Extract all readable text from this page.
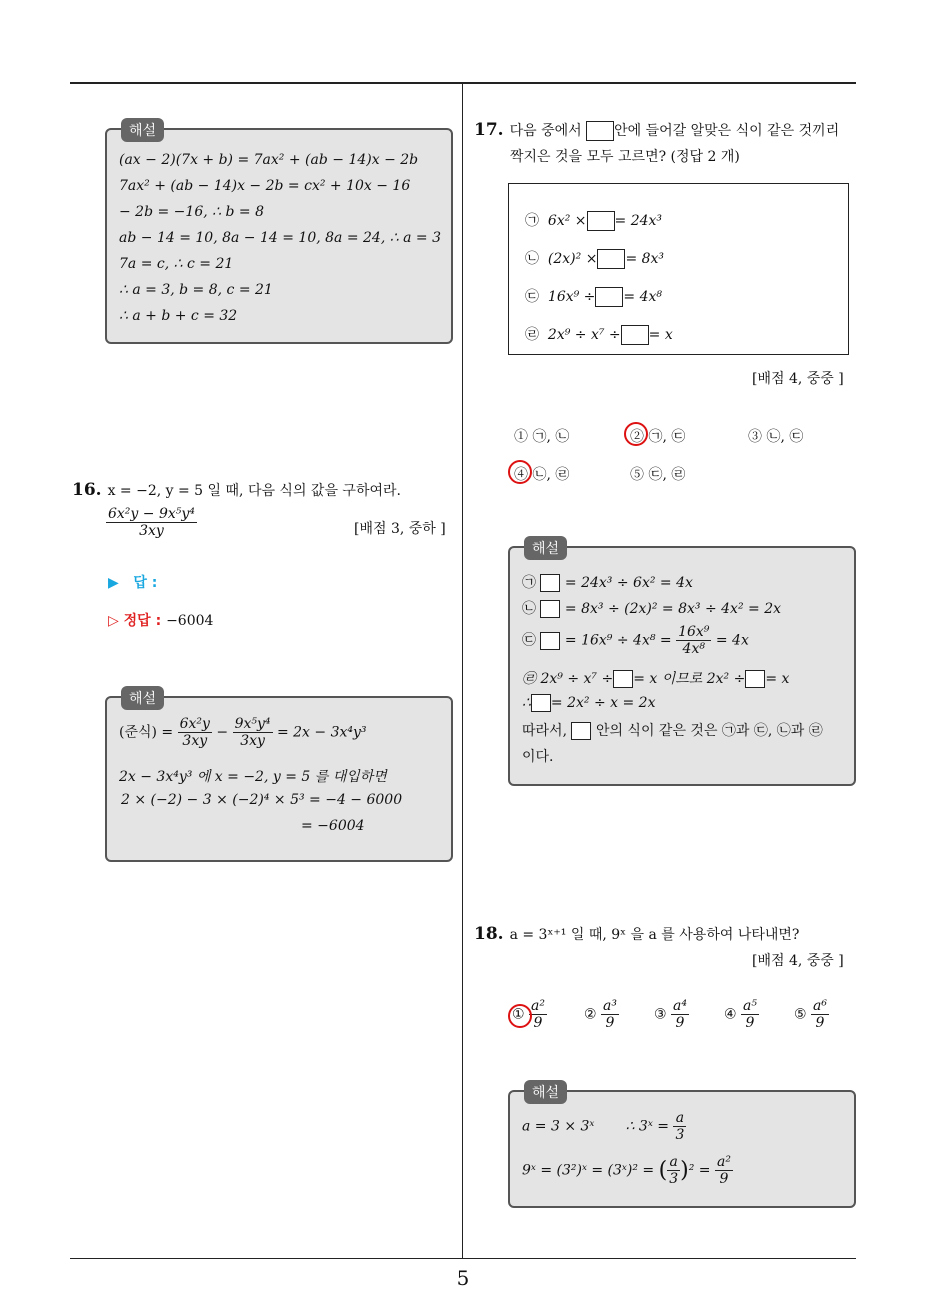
5
해설
(ax − 2)(7x + b) = 7ax² + (ab − 14)x − 2b
7ax² + (ab − 14)x − 2b = cx² + 10x − 16
− 2b = −16, ∴ b = 8
ab − 14 = 10, 8a − 14 = 10, 8a = 24, ∴ a = 3
7a = c, ∴ c = 21
∴ a = 3, b = 8, c = 21
∴ a + b + c = 32
16. x = −2, y = 5 일 때, 다음 식의 값을 구하여라.
$\frac{\text{6x²y − 9x⁵y⁴}}{3xy}$	[배점 3, 중하 ]
▶ 답 :
▷ 정답 : −6004
해설
(준식) = $\frac{\text{6x²y}}{3xy} - \frac{\text{9x⁵y⁴}}{3xy} = 2x - 3x^4y^3$
2x − 3x⁴y³ 에 x = −2, y = 5 를 대입하면
2 × (−2) − 3 × (−2)⁴ × 5³ = −4 − 6000
= −6004
17. 다음 중에서 안에 들어갈 알맞은 식이 같은 것끼리
짝지은 것을 모두 고르면? (정답 2 개)
㉠ 6x² × = 24x³
㉡ (2x)² × = 8x³
㉢ 16x⁹ ÷ = 4x⁸
㉣ 2x⁹ ÷ x⁷ ÷ = x
[배점 4, 중중 ]
① ㉠, ㉡	② ㉠, ㉢	③ ㉡, ㉢
④ ㉡, ㉣	⑤ ㉢, ㉣
해설
㉠ = 24x³ ÷ 6x² = 4x
㉡ = 8x³ ÷ (2x)² = 8x³ ÷ 4x² = 2x
㉢ = $16x^9 \div 4x^8 = \frac{\text{16x⁹}}{\text{4x⁸}} = 4x$
㉣ 2x⁹ ÷ x⁷ ÷ = x 이므로 2x² ÷ = x
∴ = 2x² ÷ x = 2x
따라서, 안의 식이 같은 것은 ㉠과 ㉢, ㉡과 ㉣
이다.
18. a = 3ˣ⁺¹ 일 때, 9ˣ 을 a 를 사용하여 나타내면?
[배점 4, 중중 ]
① $\frac{\text{a²}}{9}$	② $\frac{\text{a³}}{9}$	③ $\frac{\text{a⁴}}{9}$	④ $\frac{\text{a⁵}}{9}$	⑤ $\frac{\text{a⁶}}{9}$
해설
a = 3 × 3ˣ ∴ 3ˣ = $\frac{a}{3}$
9ˣ = (3²)ˣ = (3ˣ)² = ( $\frac{a}{3} )^2 = \frac{\text{a²}}{9}$
